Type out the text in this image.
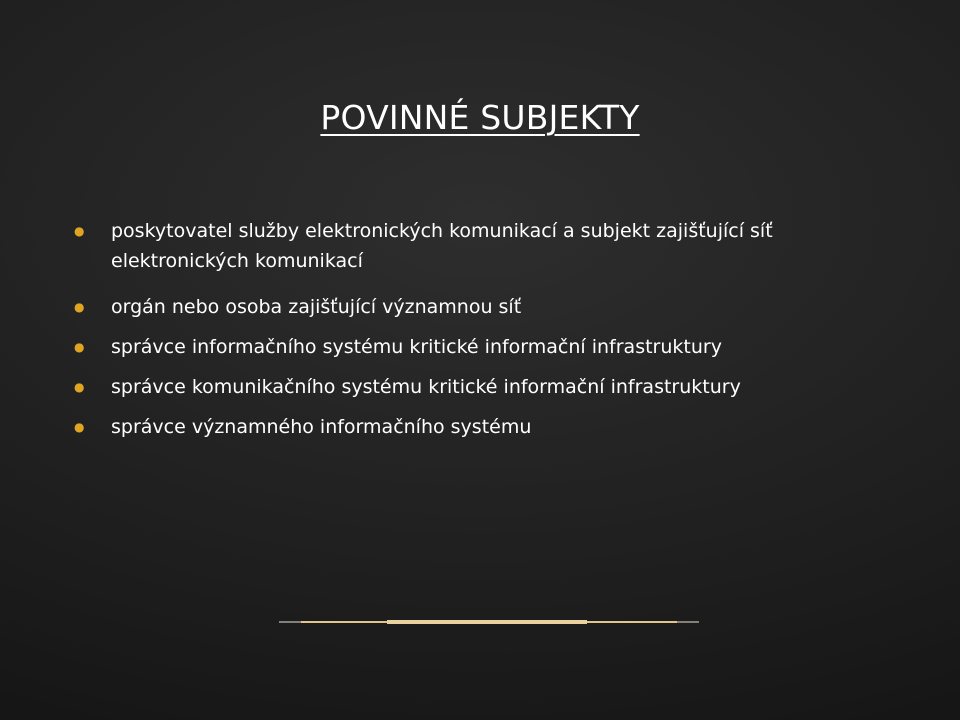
POVINNÉ SUBJEKTY
● poskytovatel služby elektronických komunikací a subjekt zajišťující síť elektronických komunikací
● orgán nebo osoba zajišťující významnou síť
● správce informačního systému kritické informační infrastruktury
● správce komunikačního systému kritické informační infrastruktury
● správce významného informačního systému
